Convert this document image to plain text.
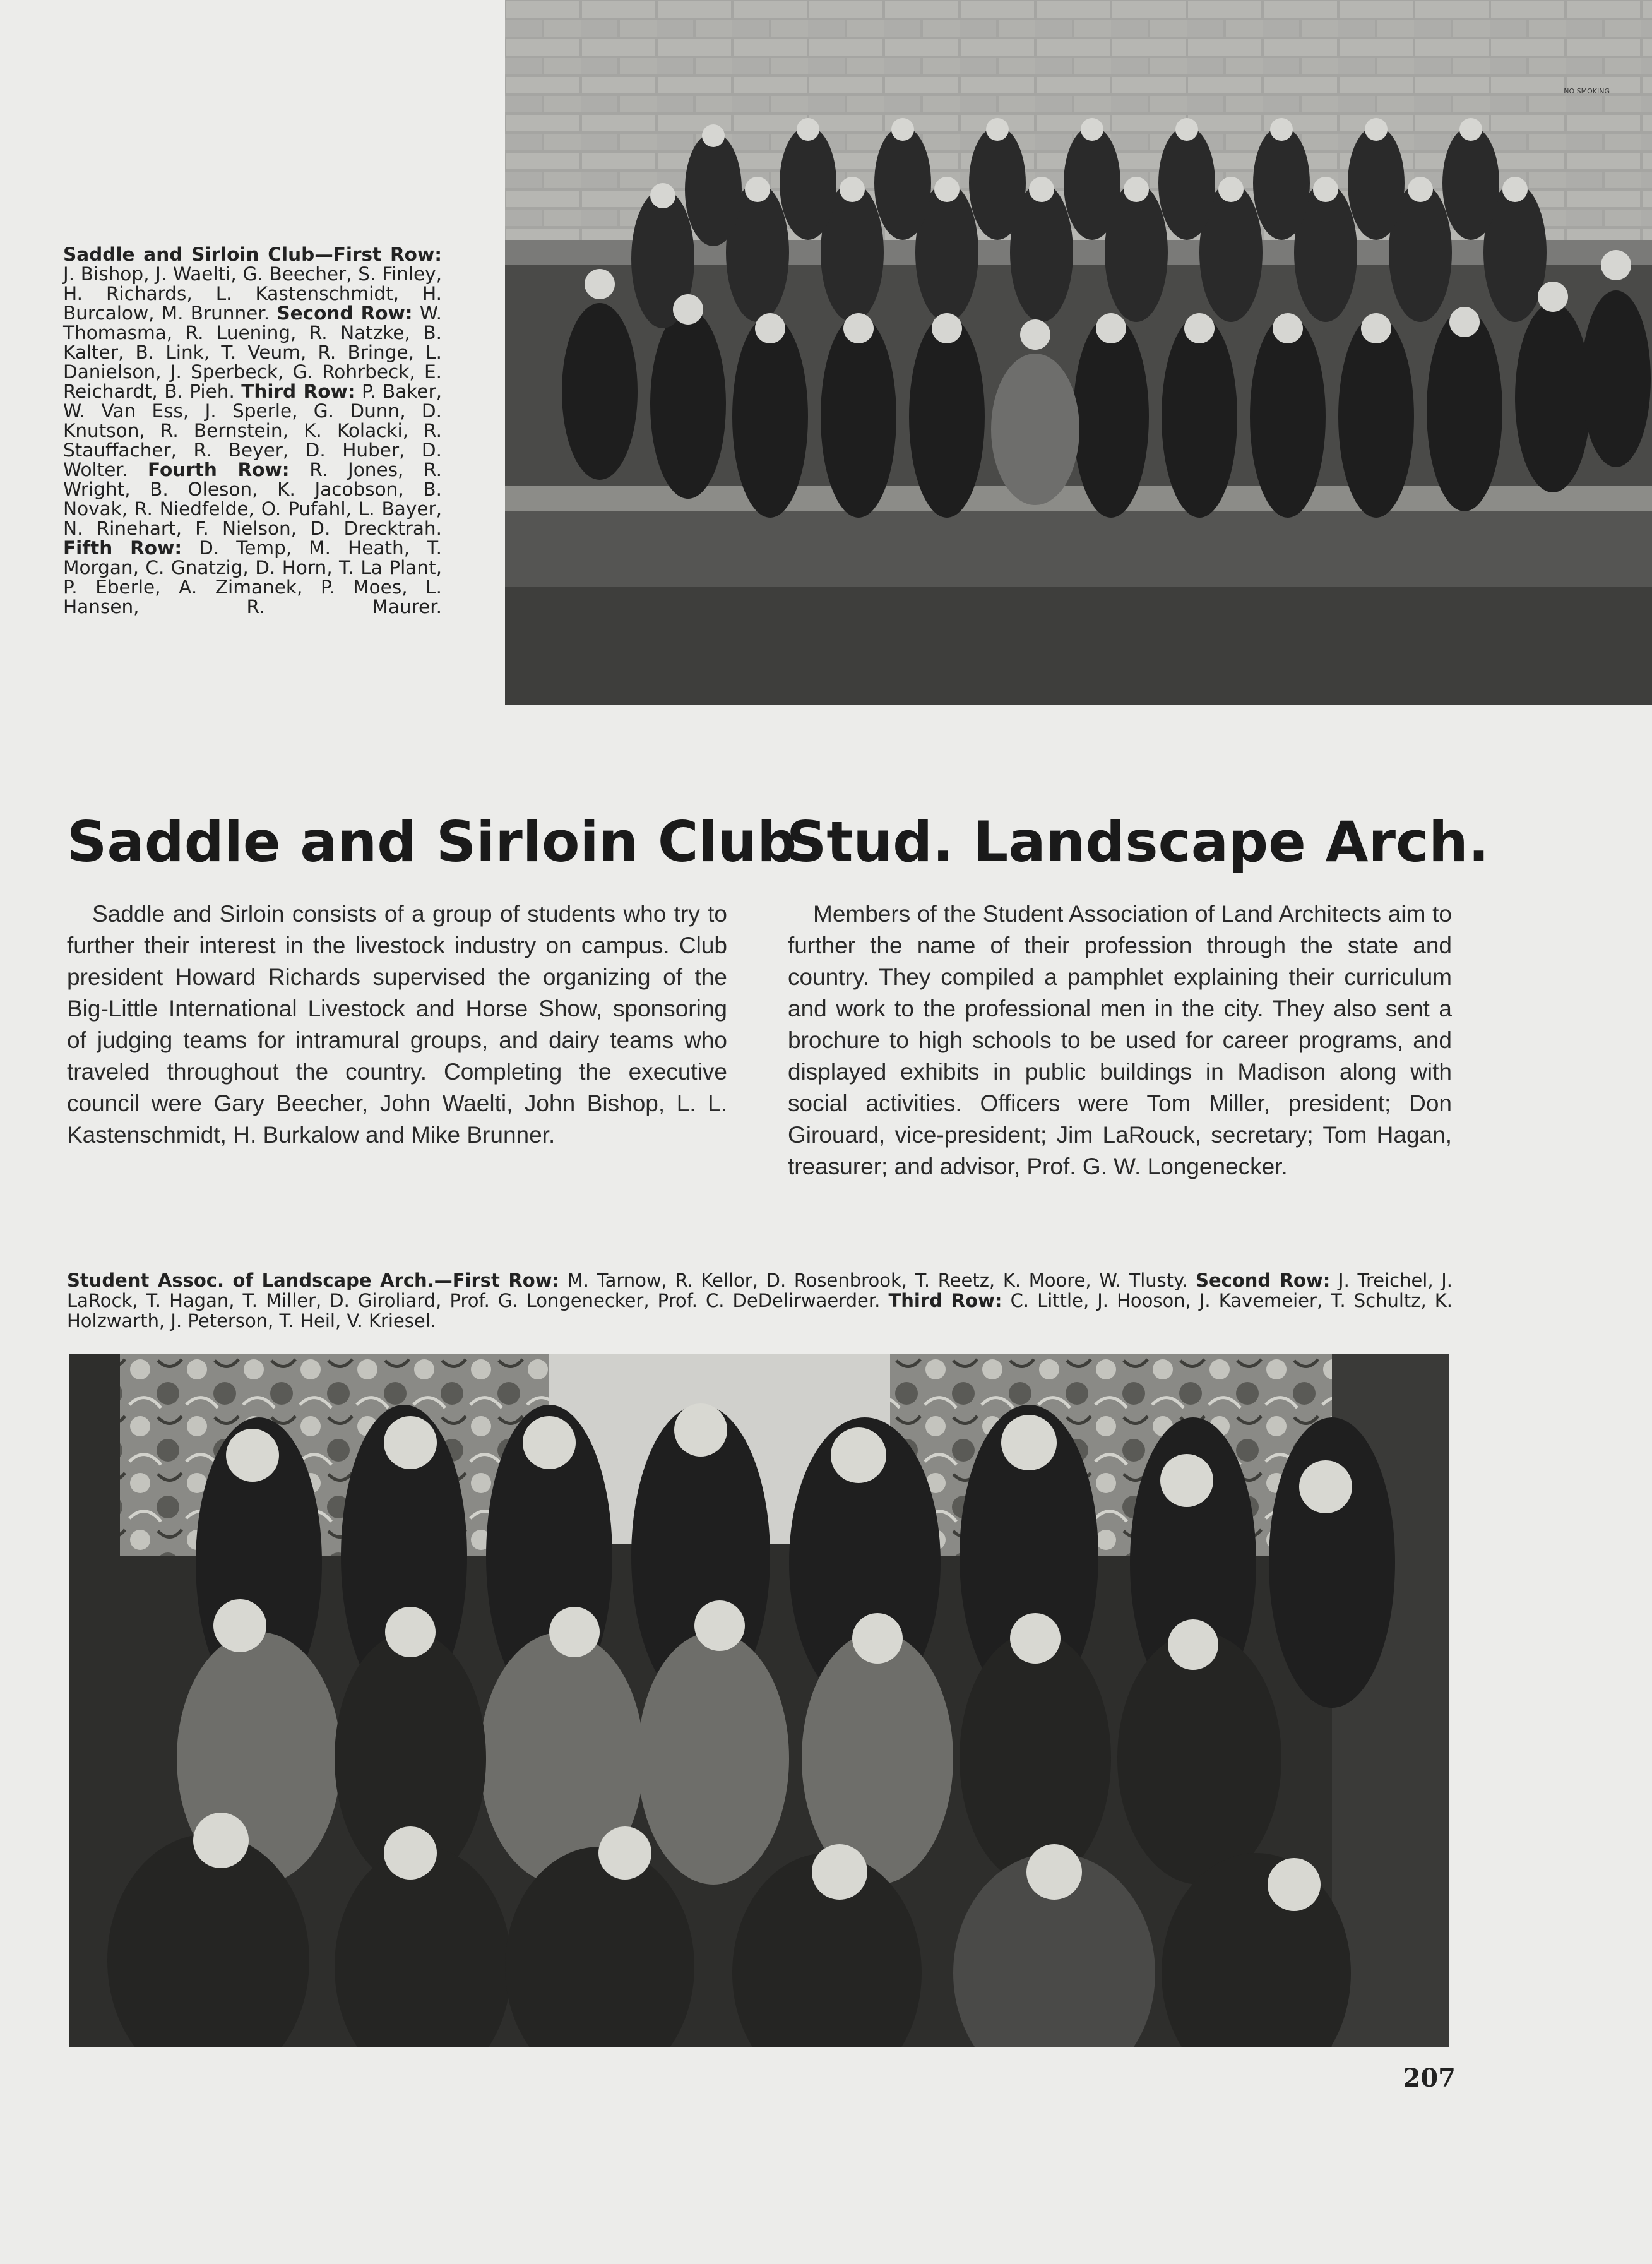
Saddle and Sirloin Club—First Row: J. Bishop, J. Waelti, G. Beecher, S. Finley, H. Richards, L. Kastenschmidt, H. Burcalow, M. Brunner. Second Row: W. Thomasma, R. Luening, R. Natzke, B. Kalter, B. Link, T. Veum, R. Bringe, L. Danielson, J. Sperbeck, G. Rohrbeck, E. Reichardt, B. Pieh. Third Row: P. Baker, W. Van Ess, J. Sperle, G. Dunn, D. Knutson, R. Bernstein, K. Kolacki, R. Stauffacher, R. Beyer, D. Huber, D. Wolter. Fourth Row: R. Jones, R. Wright, B. Oleson, K. Jacobson, B. Novak, R. Niedfelde, O. Pufahl, L. Bayer, N. Rinehart, F. Nielson, D. Drecktrah. Fifth Row: D. Temp, M. Heath, T. Morgan, C. Gnatzig, D. Horn, T. La Plant, P. Eberle, A. Zimanek, P. Moes, L. Hansen, R. Maurer.
NO SMOKING
Saddle and Sirloin Club
Stud. Landscape Arch.
Saddle and Sirloin consists of a group of students who try to further their interest in the livestock industry on campus. Club president Howard Richards supervised the organizing of the Big-Little International Livestock and Horse Show, sponsoring of judging teams for intramural groups, and dairy teams who traveled throughout the country. Completing the executive council were Gary Beecher, John Waelti, John Bishop, L. L. Kastenschmidt, H. Burkalow and Mike Brunner.
Members of the Student Association of Land Architects aim to further the name of their profession through the state and country. They compiled a pamphlet explaining their curriculum and work to the professional men in the city. They also sent a brochure to high schools to be used for career programs, and displayed exhibits in public buildings in Madison along with social activities. Officers were Tom Miller, president; Don Girouard, vice-president; Jim LaRouck, secretary; Tom Hagan, treasurer; and advisor, Prof. G. W. Longenecker.
Student Assoc. of Landscape Arch.—First Row: M. Tarnow, R. Kellor, D. Rosenbrook, T. Reetz, K. Moore, W. Tlusty. Second Row: J. Treichel, J. LaRock, T. Hagan, T. Miller, D. Giroliard, Prof. G. Longenecker, Prof. C. DeDelirwaerder. Third Row: C. Little, J. Hooson, J. Kavemeier, T. Schultz, K. Holzwarth, J. Peterson, T. Heil, V. Kriesel.
207
